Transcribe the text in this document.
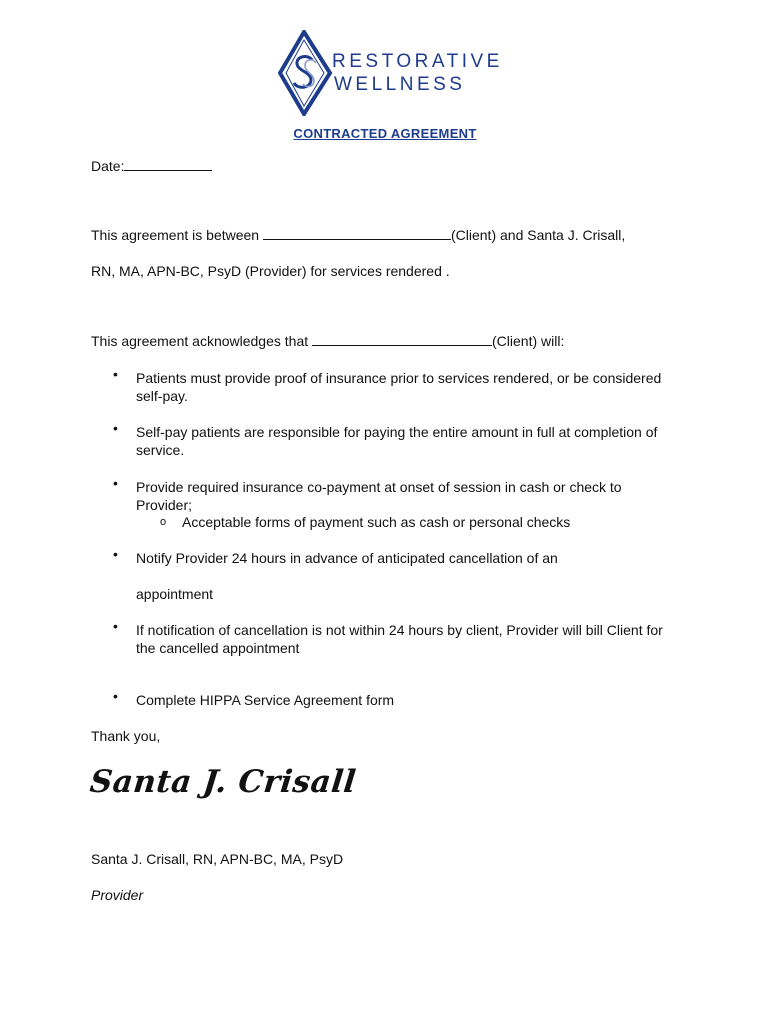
RESTORATIVE
WELLNESS
CONTRACTED AGREEMENT
Date:
This agreement is between	(Client) and Santa J. Crisall,
RN, MA, APN-BC, PsyD (Provider) for services rendered .
This agreement acknowledges that	(Client) will:
• Patients must provide proof of insurance prior to services rendered, or be considered self-pay.
• Self-pay patients are responsible for paying the entire amount in full at completion of service.
• Provide required insurance co-payment at onset of session in cash or check to Provider;
o Acceptable forms of payment such as cash or personal checks
• Notify Provider 24 hours in advance of anticipated cancellation of an
appointment
• If notification of cancellation is not within 24 hours by client, Provider will bill Client for the cancelled appointment
• Complete HIPPA Service Agreement form
Thank you,
Santa J. Crisall
Santa J. Crisall, RN, APN-BC, MA, PsyD
Provider
